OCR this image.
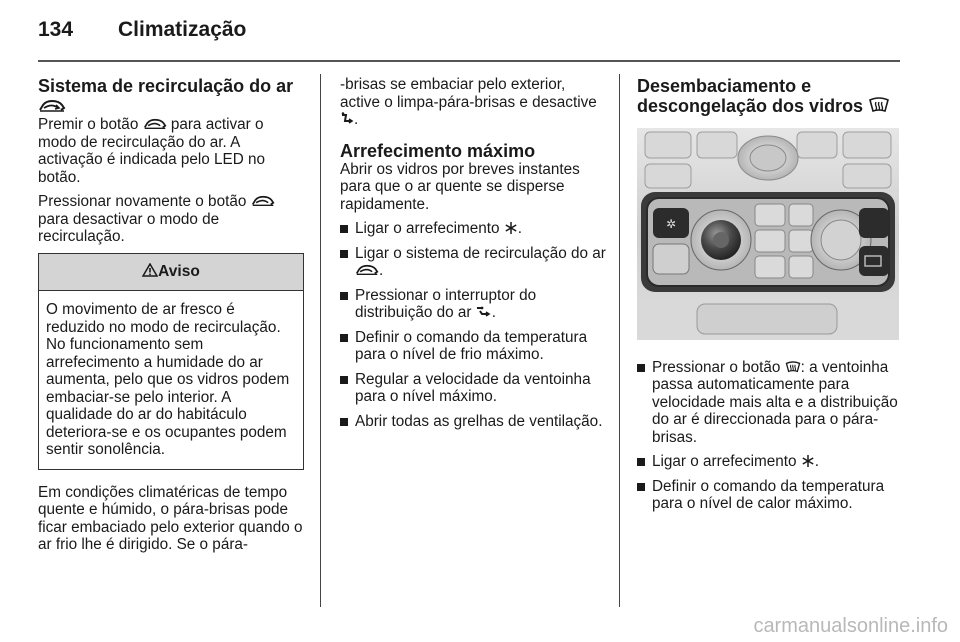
134 Climatização
Sistema de recirculação do ar

Premir o botão para activar o modo de recirculação do ar. A activação é indicada pelo LED no botão.

Pressionar novamente o botão  para desactivar o modo de recirculação.

Aviso
O movimento de ar fresco é reduzido no modo de recirculação. No funcionamento sem arrefecimento a humidade do ar aumenta, pelo que os vidros podem embaciar-se pelo interior. A qualidade do ar do habitáculo deteriora-se e os ocupantes podem sentir sonolência.

Em condições climatéricas de tempo quente e húmido, o pára-brisas pode ficar embaciado pelo exterior quando o ar frio lhe é dirigido. Se o pára-

-brisas se embaciar pelo exterior, active o limpa-pára-brisas e desactive .

Arrefecimento máximo

Abrir os vidros por breves instantes para que o ar quente se disperse rapidamente.

Ligar o arrefecimento .
Ligar o sistema de recirculação do ar .
Pressionar o interruptor do distribuição do ar .
Definir o comando da temperatura para o nível de frio máximo.
Regular a velocidade da ventoinha para o nível máximo.
Abrir todas as grelhas de ventilação.
Desembaciamento e descongelação dos vidros
✲
Pressionar o botão : a ventoinha passa automaticamente para velocidade mais alta e a distribuição do ar é direccionada para o pára-brisas.
Ligar o arrefecimento .
Definir o comando da temperatura para o nível de calor máximo.
carmanualsonline.info
